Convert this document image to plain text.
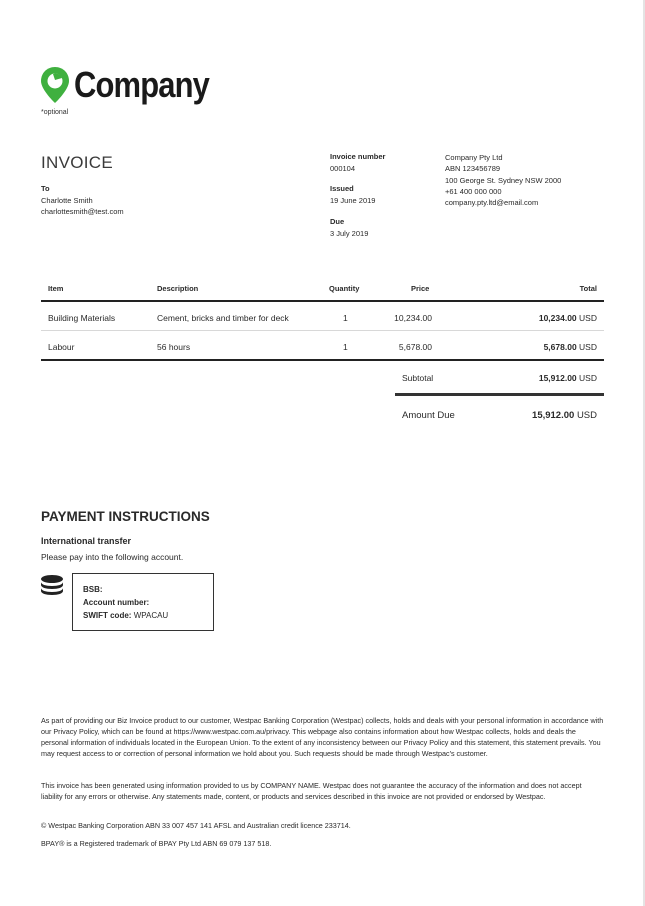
Company
*optional
INVOICE
To
Charlotte Smith
charlottesmith@test.com
Invoice number
000104
Issued
19 June 2019
Due
3 July 2019
Company Pty Ltd
ABN 123456789
100 George St. Sydney NSW 2000
+61 400 000 000
company.pty.ltd@email.com
Item	Description	Quantity	Price	Total
Building Materials	Cement, bricks and timber for deck	1	10,234.00	10,234.00 USD
Labour	56 hours	1	5,678.00	5,678.00 USD
Subtotal	15,912.00 USD
Amount Due	15,912.00 USD
PAYMENT INSTRUCTIONS
International transfer
Please pay into the following account.
BSB:
Account number:
SWIFT code: WPACAU
As part of providing our Biz Invoice product to our customer, Westpac Banking Corporation (Westpac) collects, holds and deals with your personal information in accordance with our Privacy Policy, which can be found at https://www.westpac.com.au/privacy. This webpage also contains information about how Westpac collects, holds and deals the personal information of individuals located in the European Union. To the extent of any inconsistency between our Privacy Policy and this statement, this statement prevails. You may request access to or correction of personal information we hold about you. Such requests should be made through Westpac's customer.
This invoice has been generated using information provided to us by COMPANY NAME. Westpac does not guarantee the accuracy of the information and does not accept liability for any errors or otherwise. Any statements made, content, or products and services described in this invoice are not provided or endorsed by Westpac.
© Westpac Banking Corporation ABN 33 007 457 141 AFSL and Australian credit licence 233714.
BPAY® is a Registered trademark of BPAY Pty Ltd ABN 69 079 137 518.
